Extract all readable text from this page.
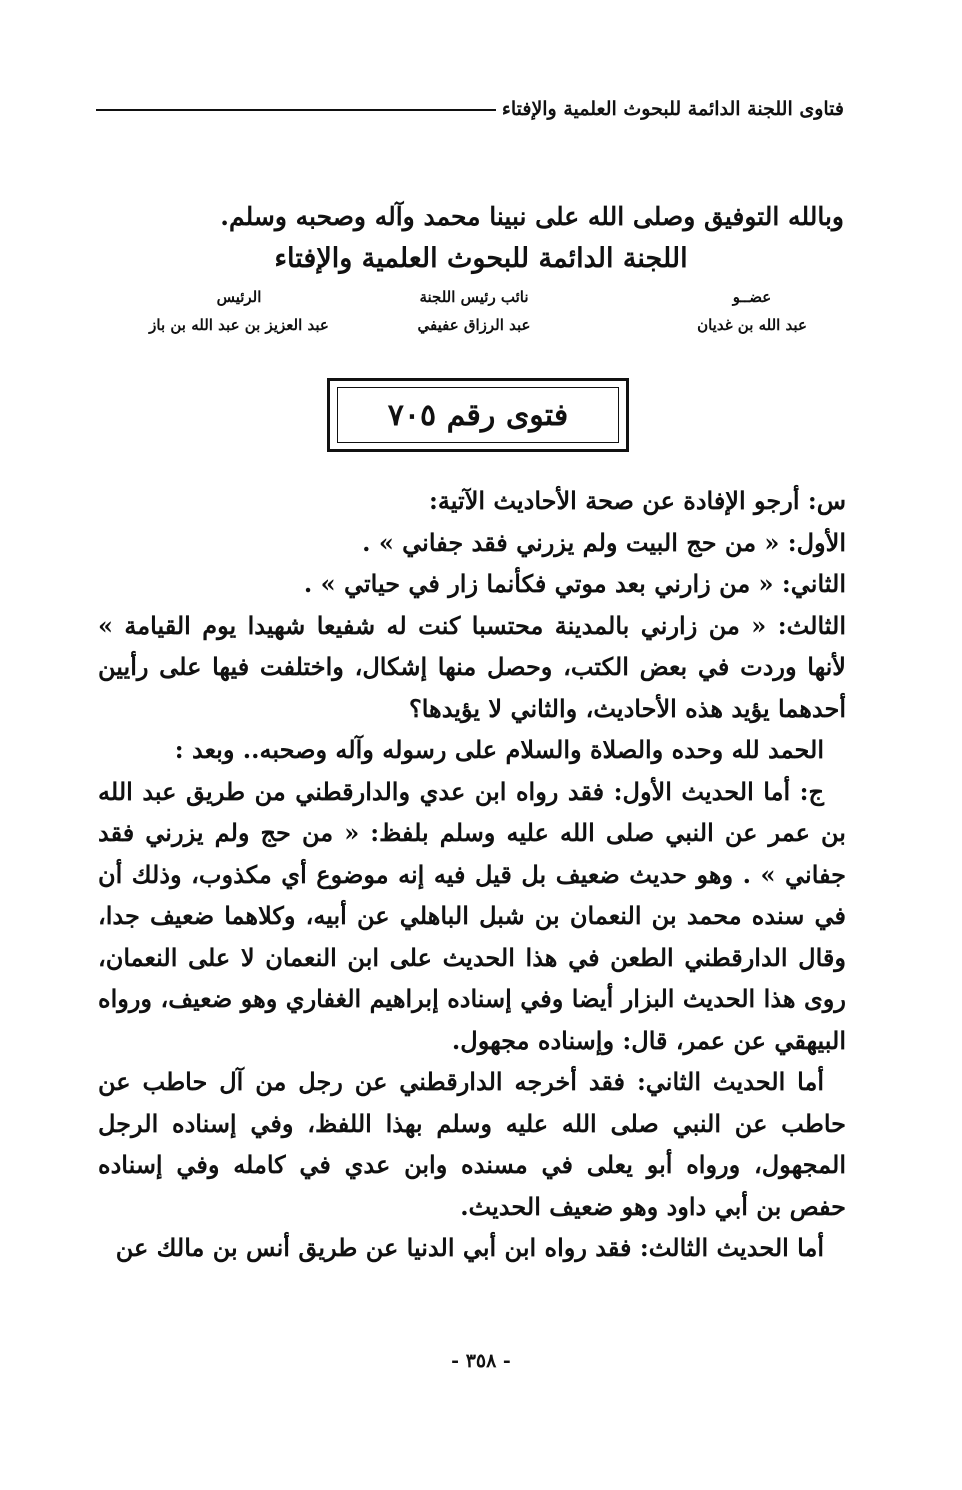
فتاوى اللجنة الدائمة للبحوث العلمية والإفتاء
وبالله التوفيق وصلى الله على نبينا محمد وآله وصحبه وسلم.
اللجنة الدائمة للبحوث العلمية والإفتاء
عضــو
عبد الله بن غديان
نائب رئيس اللجنة
عبد الرزاق عفيفي
الرئيس
عبد العزيز بن عبد الله بن باز
فتوى رقم ٧٠٥

س: أرجو الإفادة عن صحة الأحاديث الآتية:

الأول: « من حج البيت ولم يزرني فقد جفاني » .

الثاني: « من زارني بعد موتي فكأنما زار في حياتي » .

الثالث: « من زارني بالمدينة محتسبا كنت له شفيعا شهيدا يوم القيامة » لأنها وردت في بعض الكتب، وحصل منها إشكال، واختلفت فيها على رأيين أحدهما يؤيد هذه الأحاديث، والثاني لا يؤيدها؟

الحمد لله وحده والصلاة والسلام على رسوله وآله وصحبه.. وبعد :

ج: أما الحديث الأول: فقد رواه ابن عدي والدارقطني من طريق عبد الله بن عمر عن النبي صلى الله عليه وسلم بلفظ: « من حج ولم يزرني فقد جفاني » . وهو حديث ضعيف بل قيل فيه إنه موضوع أي مكذوب، وذلك أن في سنده محمد بن النعمان بن شبل الباهلي عن أبيه، وكلاهما ضعيف جدا، وقال الدارقطني الطعن في هذا الحديث على ابن النعمان لا على النعمان، روى هذا الحديث البزار أيضا وفي إسناده إبراهيم الغفاري وهو ضعيف، ورواه البيهقي عن عمر، قال: وإسناده مجهول.

أما الحديث الثاني: فقد أخرجه الدارقطني عن رجل من آل حاطب عن حاطب عن النبي صلى الله عليه وسلم بهذا اللفظ، وفي إسناده الرجل المجهول، ورواه أبو يعلى في مسنده وابن عدي في كامله وفي إسناده حفص بن أبي داود وهو ضعيف الحديث.

أما الحديث الثالث: فقد رواه ابن أبي الدنيا عن طريق أنس بن مالك عن

- ٣٥٨ -
